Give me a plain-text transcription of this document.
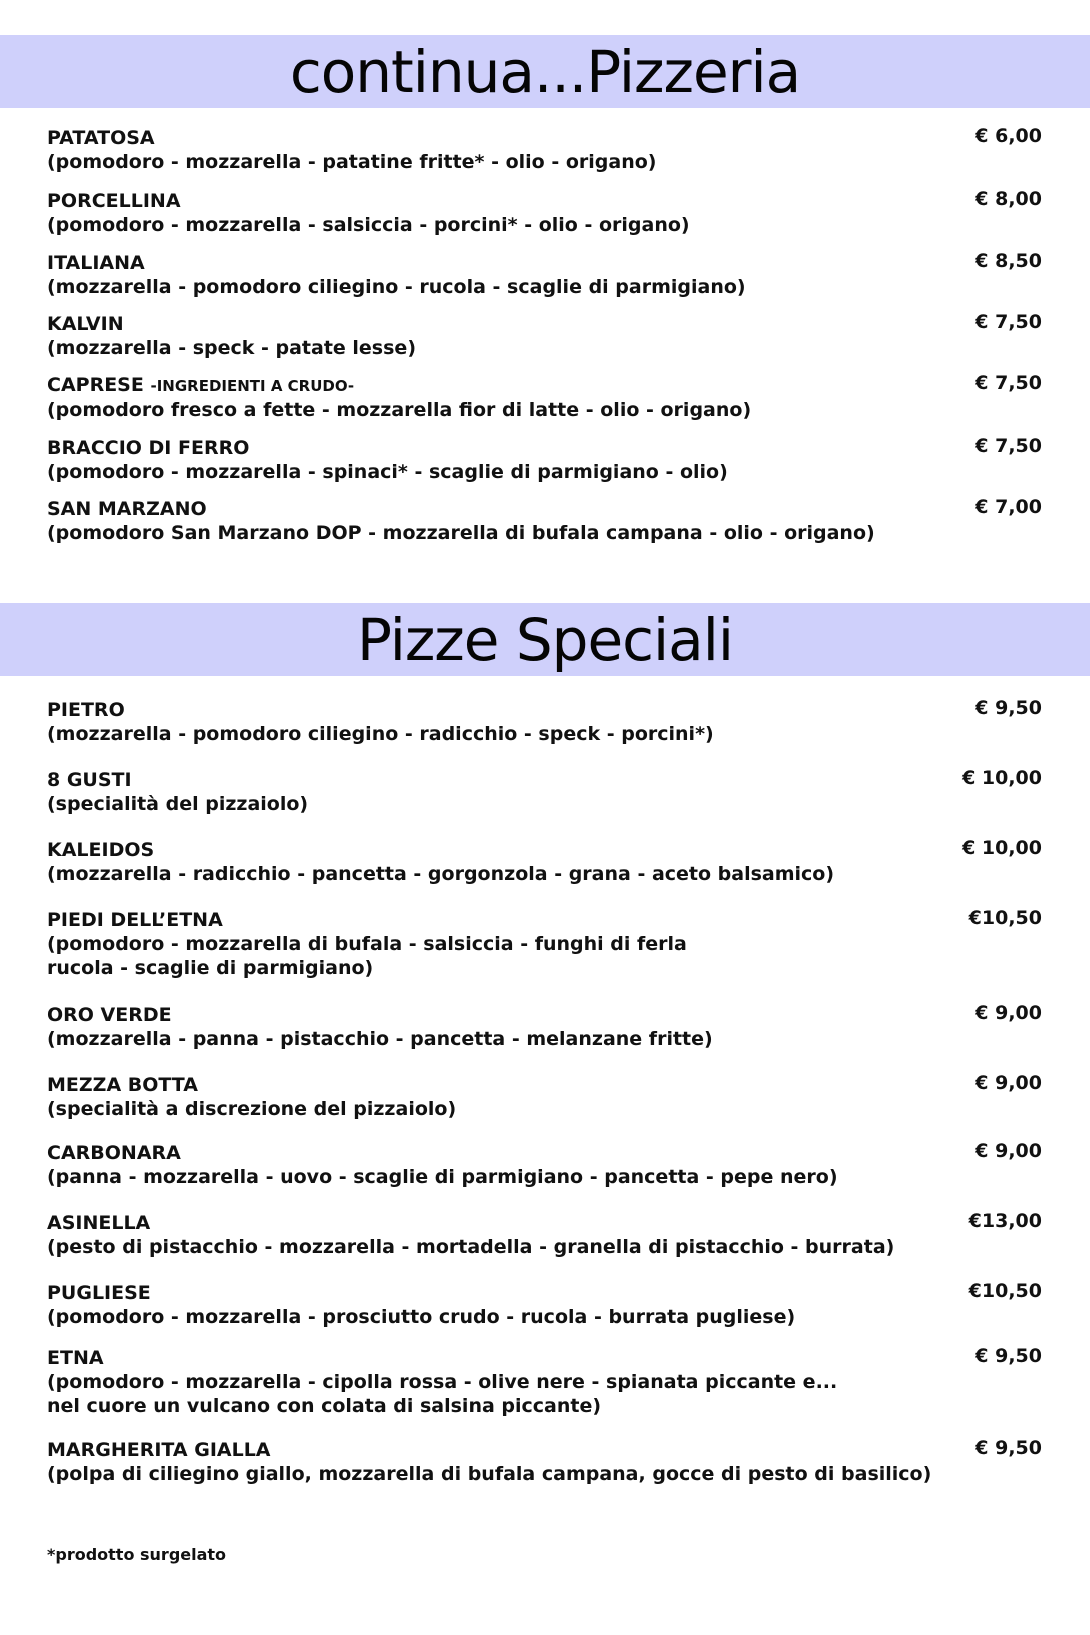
continua...Pizzeria
PATATOSA
(pomodoro - mozzarella - patatine fritte* - olio - origano)
€ 6,00
PORCELLINA
(pomodoro - mozzarella - salsiccia - porcini* - olio - origano)
€ 8,00
ITALIANA
(mozzarella - pomodoro ciliegino - rucola - scaglie di parmigiano)
€ 8,50
KALVIN
(mozzarella - speck - patate lesse)
€ 7,50
CAPRESE -INGREDIENTI A CRUDO-
(pomodoro fresco a fette - mozzarella fior di latte - olio - origano)
€ 7,50
BRACCIO DI FERRO
(pomodoro - mozzarella - spinaci* - scaglie di parmigiano - olio)
€ 7,50
SAN MARZANO
(pomodoro San Marzano DOP - mozzarella di bufala campana - olio - origano)
€ 7,00
Pizze Speciali
PIETRO
(mozzarella - pomodoro ciliegino - radicchio - speck - porcini*)
€ 9,50
8 GUSTI
(specialità del pizzaiolo)
€ 10,00
KALEIDOS
(mozzarella - radicchio - pancetta - gorgonzola - grana - aceto balsamico)
€ 10,00
PIEDI DELL’ETNA
(pomodoro - mozzarella di bufala - salsiccia - funghi di ferla
rucola - scaglie di parmigiano)
€10,50
ORO VERDE
(mozzarella - panna - pistacchio - pancetta - melanzane fritte)
€ 9,00
MEZZA BOTTA
(specialità a discrezione del pizzaiolo)
€ 9,00
CARBONARA
(panna - mozzarella - uovo - scaglie di parmigiano - pancetta - pepe nero)
€ 9,00
ASINELLA
(pesto di pistacchio - mozzarella - mortadella - granella di pistacchio - burrata)
€13,00
PUGLIESE
(pomodoro - mozzarella - prosciutto crudo - rucola - burrata pugliese)
€10,50
ETNA
(pomodoro - mozzarella - cipolla rossa - olive nere - spianata piccante e...
nel cuore un vulcano con colata di salsina piccante)
€ 9,50
MARGHERITA GIALLA
(polpa di ciliegino giallo, mozzarella di bufala campana, gocce di pesto di basilico)
€ 9,50
*prodotto surgelato
